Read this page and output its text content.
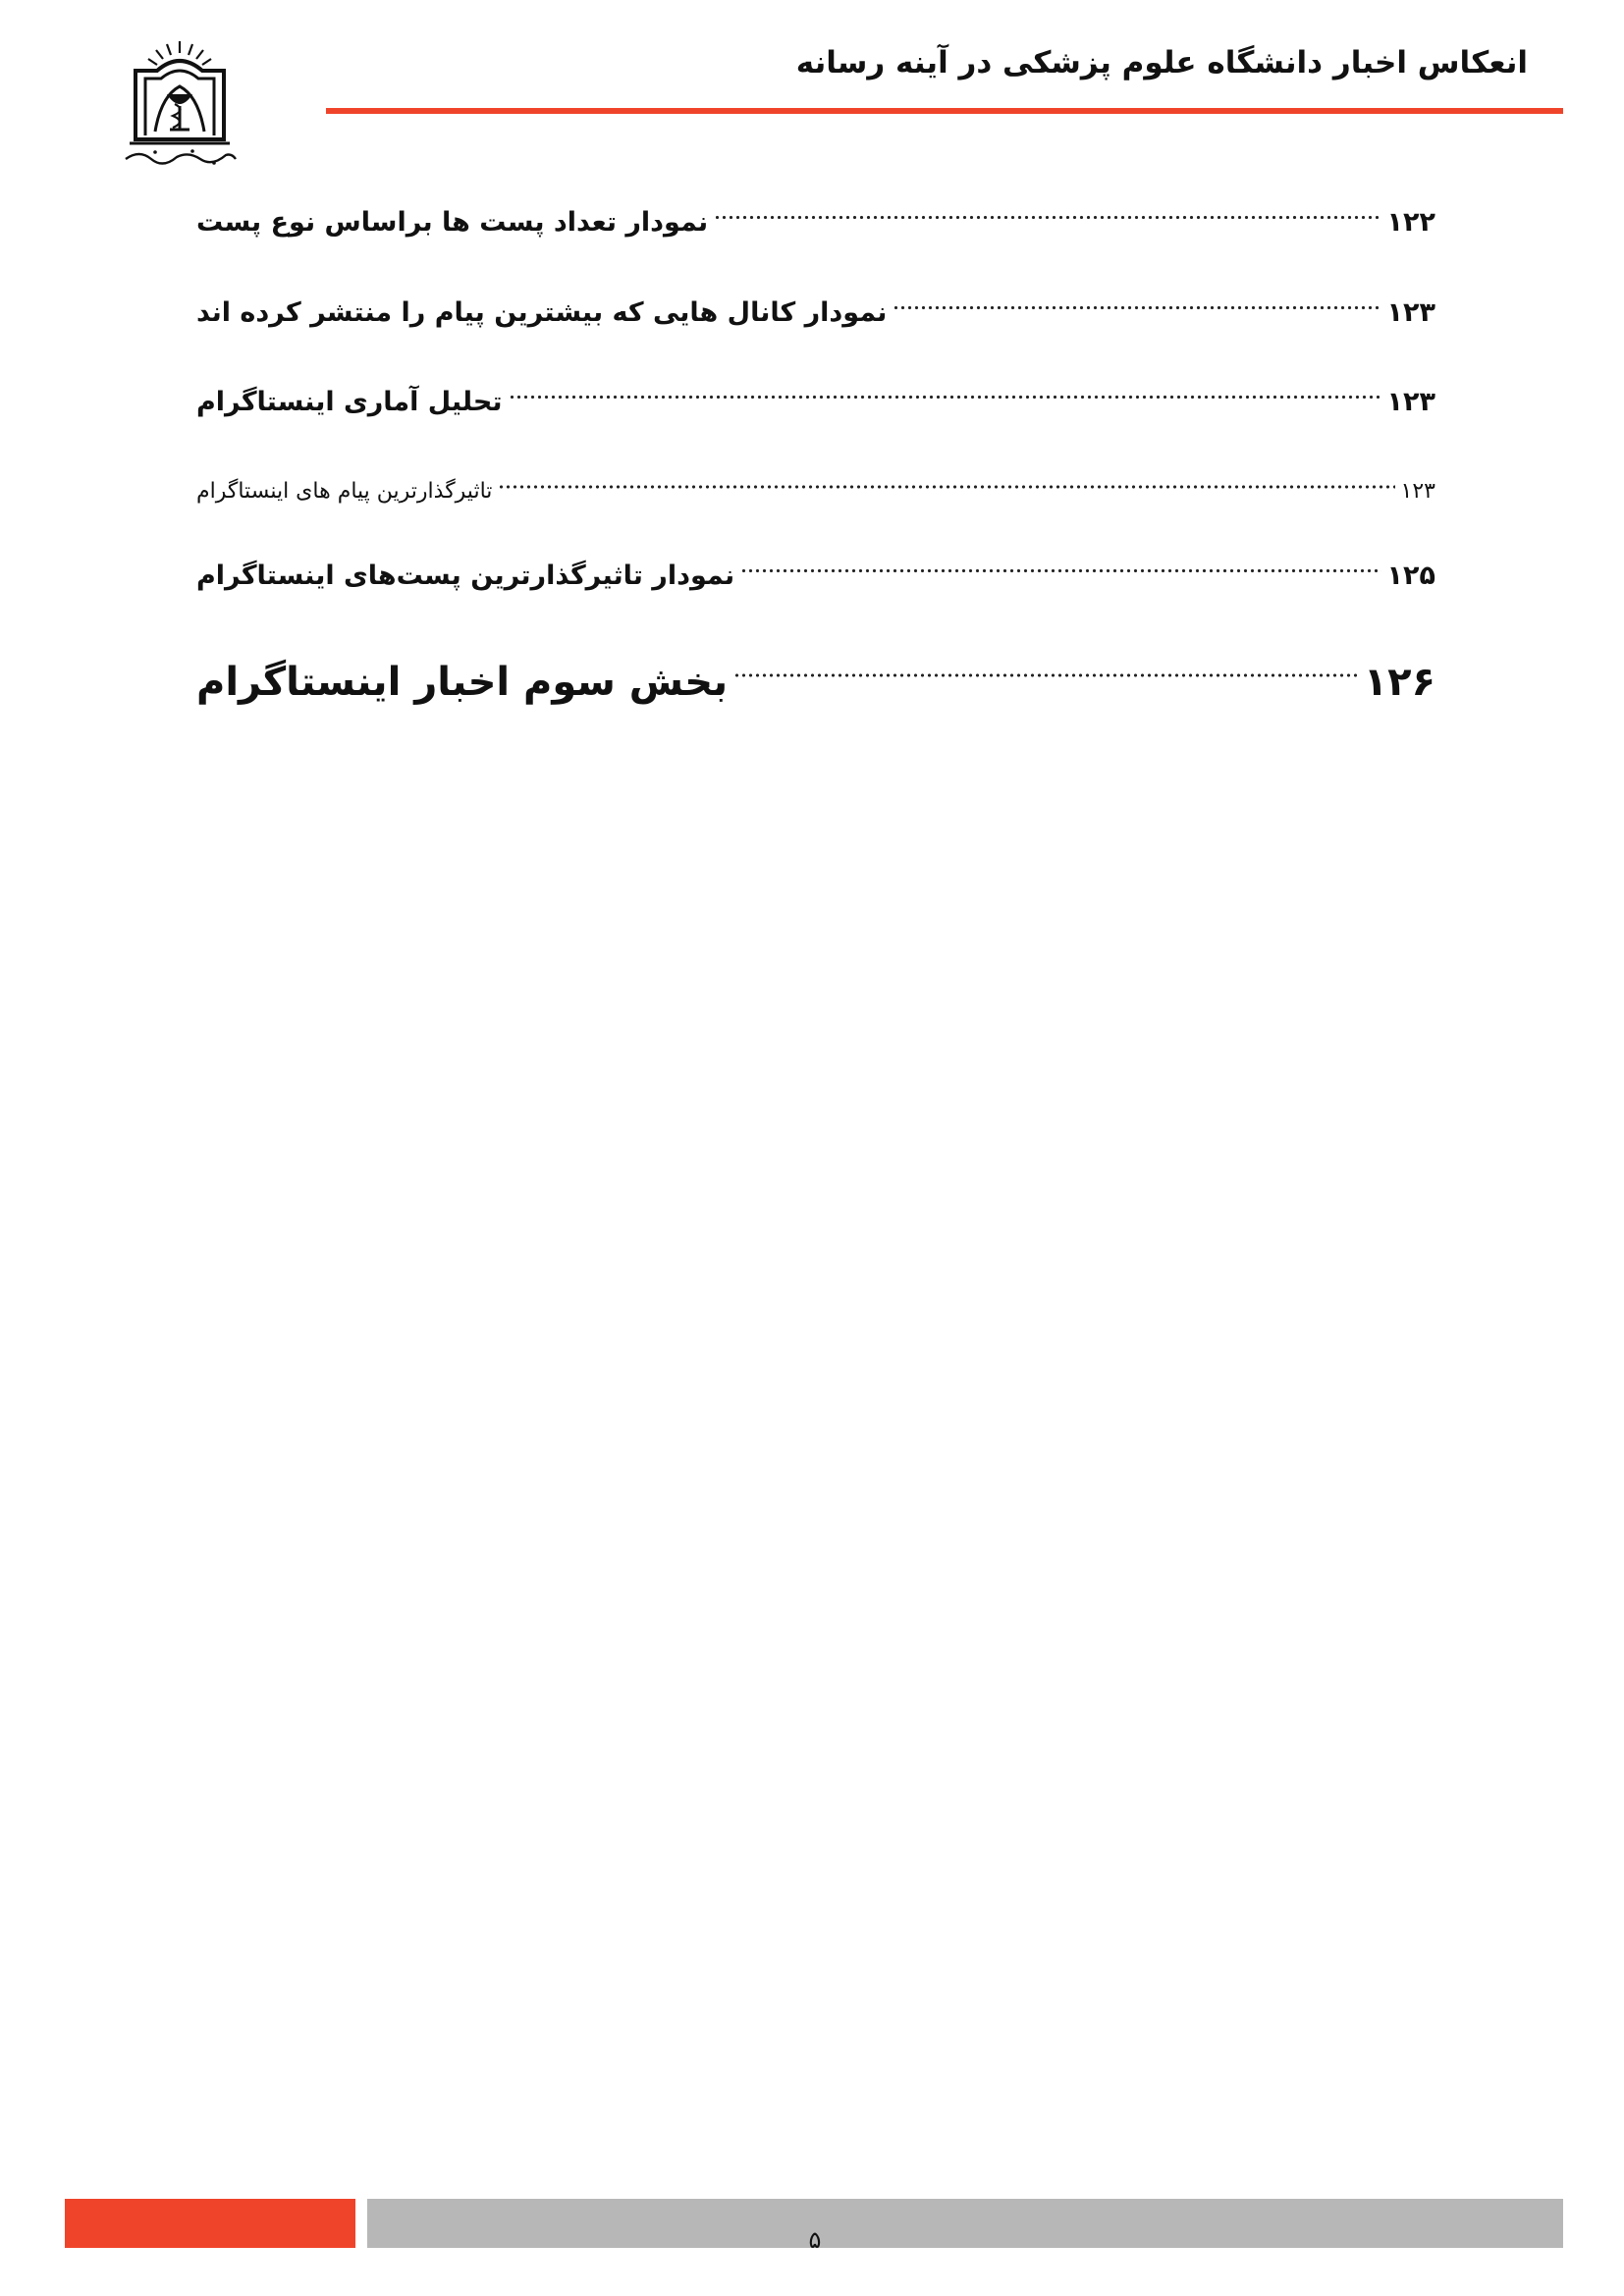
انعکاس اخبار دانشگاه علوم پزشکی در آینه رسانه
نمودار تعداد پست ها براساس نوع پست	۱۲۲
نمودار کانال هایی که بیشترین پیام را منتشر کرده اند	۱۲۳
تحلیل آماری اینستاگرام	۱۲۳
تاثیرگذارترین پیام های اینستاگرام	۱۲۳
نمودار تاثیرگذارترین پست‌های اینستاگرام	۱۲۵
بخش سوم اخبار اینستاگرام	۱۲۶
۵
